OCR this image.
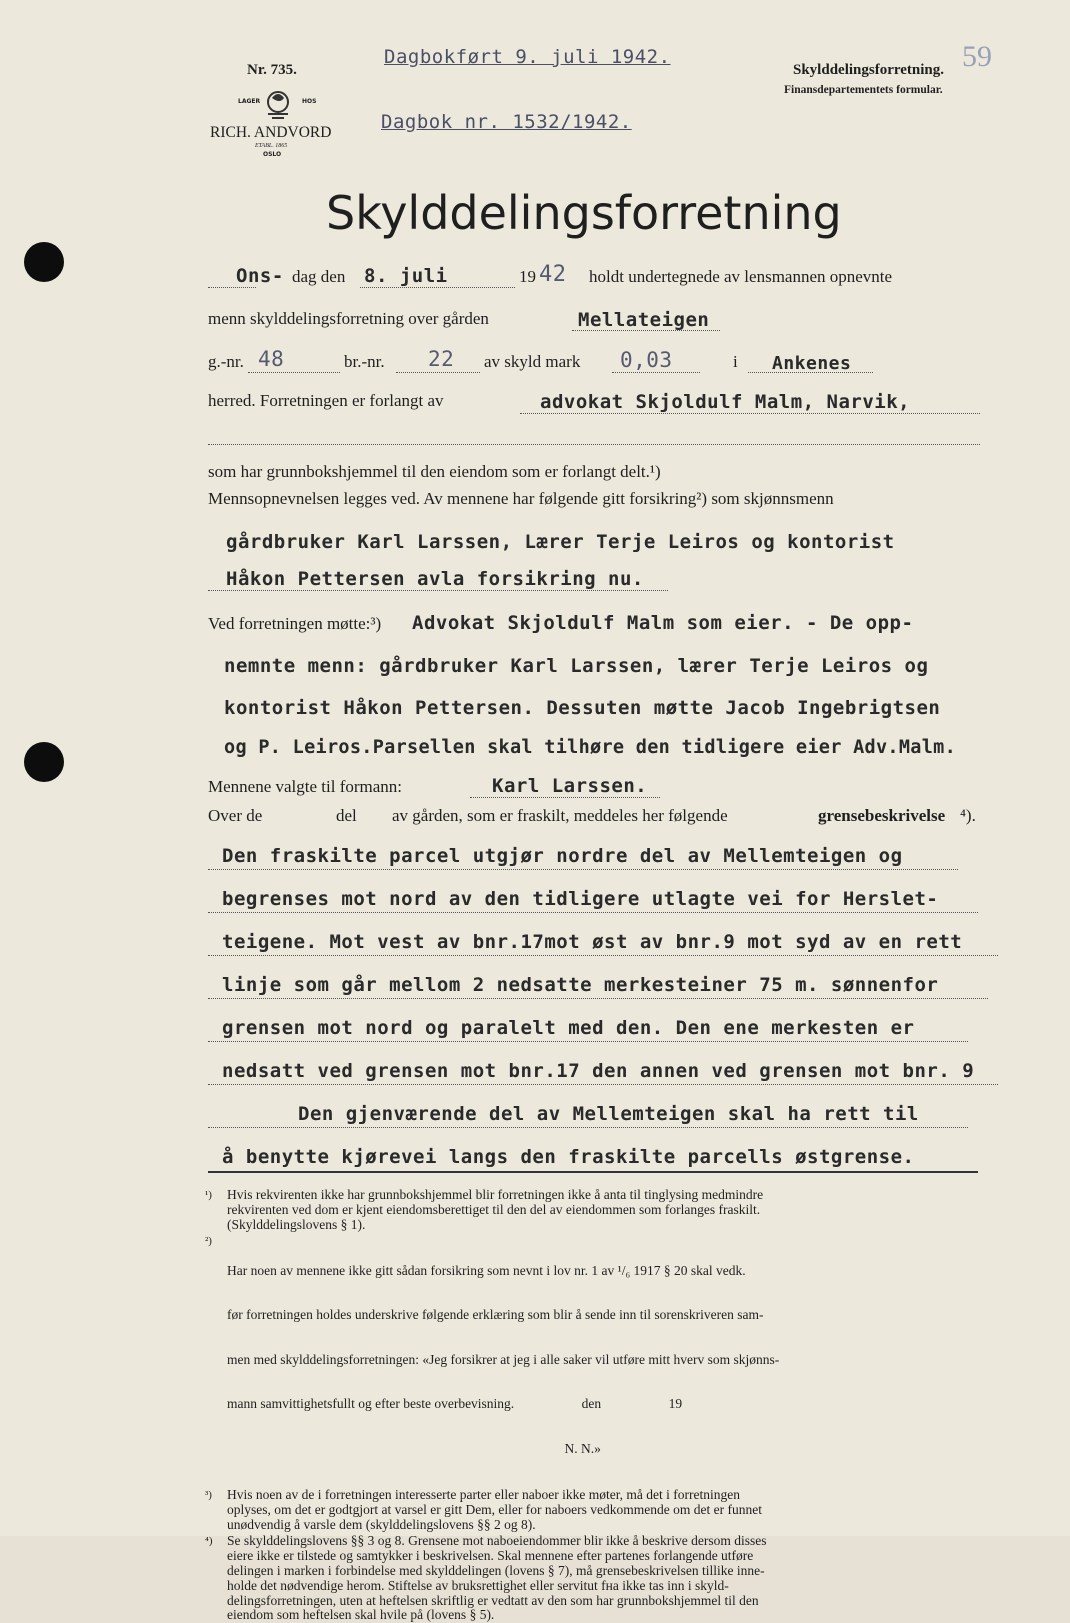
Nr. 735.
Dagbokført 9. juli 1942.
Skylddelingsforretning. 59
Finansdepartementets formular.
LAGER	HOS
RICH. ANDVORD
ETABL. 1865
OSLO
Dagbok nr. 1532/1942.
Skylddelingsforretning
Ons- dag den 8. juli	19 42 holdt undertegnede av lensmannen opnevnte
menn skylddelingsforretning over gården	Mellateigen
g.-nr. 48	br.-nr. 22 av skyld mark 0,03	i Ankenes
herred. Forretningen er forlangt av	advokat Skjoldulf Malm, Narvik,
som har grunnbokshjemmel til den eiendom som er forlangt delt.¹)
Mennsopnevnelsen legges ved. Av mennene har følgende gitt forsikring²) som skjønnsmenn
gårdbruker Karl Larssen, Lærer Terje Leiros og kontorist
Håkon Pettersen avla forsikring nu.
Ved forretningen møtte:³) Advokat Skjoldulf Malm som eier. - De opp-
nemnte menn: gårdbruker Karl Larssen, lærer Terje Leiros og
kontorist Håkon Pettersen. Dessuten møtte Jacob Ingebrigtsen
og P. Leiros.Parsellen skal tilhøre den tidligere eier Adv.Malm.
Mennene valgte til formann:	Karl Larssen.
Over de	del av gården, som er fraskilt, meddeles her følgende	grensebeskrivelse ⁴).
Den fraskilte parcel utgjør nordre del av Mellemteigen og
begrenses mot nord av den tidligere utlagte vei for Herslet-
teigene. Mot vest av bnr.17mot øst av bnr.9 mot syd av en rett
linje som går mellom 2 nedsatte merkesteiner 75 m. sønnenfor
grensen mot nord og paralelt med den. Den ene merkesten er
nedsatt ved grensen mot bnr.17 den annen ved grensen mot bnr. 9
Den gjenværende del av Mellemteigen skal ha rett til
å benytte kjørevei langs den fraskilte parcells østgrense.
¹) Hvis rekvirenten ikke har grunnbokshjemmel blir forretningen ikke å anta til tinglysing medmindre
rekvirenten ved dom er kjent eiendomsberettiget til den del av eiendommen som forlanges fraskilt.
(Skylddelingslovens § 1).
²)

Har noen av mennene ikke gitt sådan forsikring som nevnt i lov nr. 1 av ¹/₆ 1917 § 20 skal vedk.

før forretningen holdes underskrive følgende erklæring som blir å sende inn til sorenskriveren sam-

men med skylddelingsforretningen: «Jeg forsikrer at jeg i alle saker vil utføre mitt hverv som skjønns-

mann samvittighetsfullt og efter beste overbevisning.                    den                    19

N. N.»

³) Hvis noen av de i forretningen interesserte parter eller naboer ikke møter, må det i forretningen
oplyses, om det er godtgjort at varsel er gitt Dem, eller for naboers vedkommende om det er funnet
unødvendig å varsle dem (skylddelingslovens §§ 2 og 8).
⁴) Se skylddelingslovens §§ 3 og 8. Grensene mot naboeiendommer blir ikke å beskrive dersom disses
eiere ikke er tilstede og samtykker i beskrivelsen. Skal mennene efter partenes forlangende utføre
delingen i marken i forbindelse med skylddelingen (lovens § 7), må grensebeskrivelsen tillike inne-
holde det nødvendige herom. Stiftelse av bruksrettighet eller servitut fна ikke tas inn i skyld-
delingsforretningen, uten at heftelsen skriftlig er vedtatt av den som har grunnbokshjemmel til den
eiendom som heftelsen skal hvile på (lovens § 5).
